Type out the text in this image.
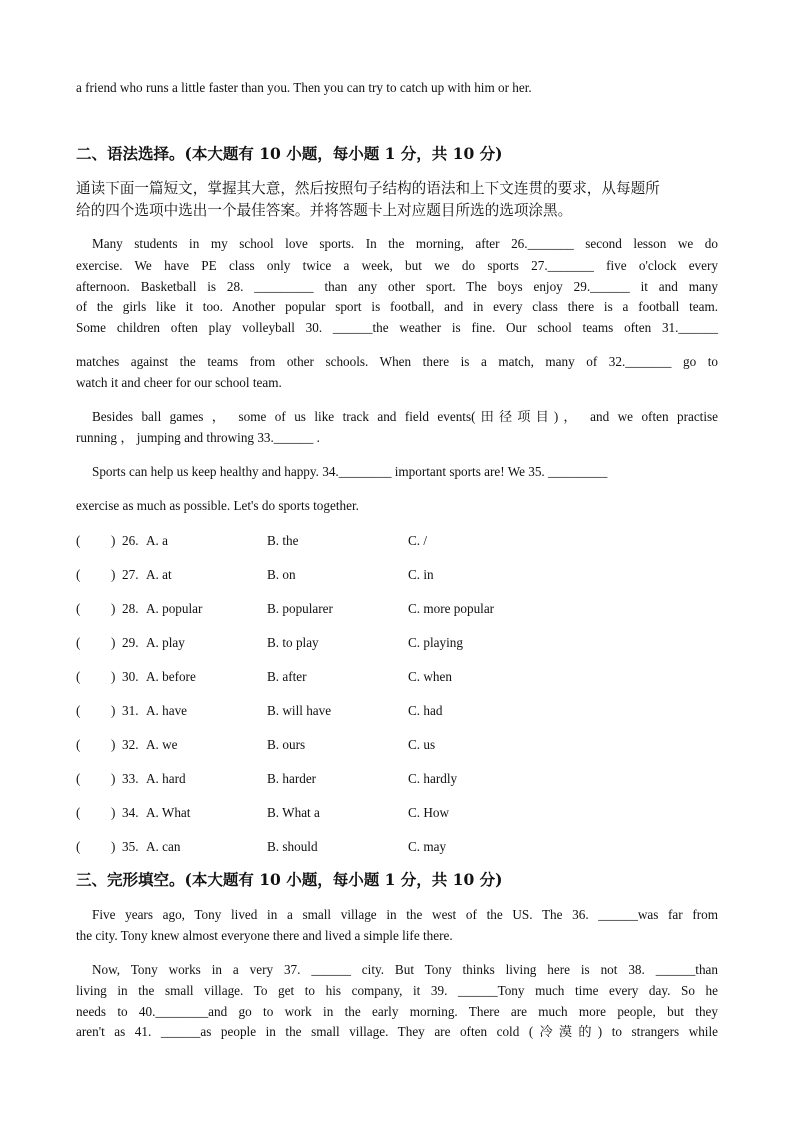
a friend who runs a little faster than you. Then you can try to catch up with him or her.
二、语法选择。(本大题有 10 小题，每小题 1 分，共 10 分)
通读下面一篇短文，掌握其大意，然后按照句子结构的语法和上下文连贯的要求，从每题所
给的四个选项中选出一个最佳答案。并将答题卡上对应题目所选的选项涂黑。
Many students in my school love sports. In the morning, after 26._______ second lesson we do
exercise. We have PE class only twice a week, but we do sports 27._______ five o'clock every
afternoon. Basketball is 28. _________ than any other sport. The boys enjoy 29.______ it and many
of the girls like it too. Another popular sport is football, and in every class there is a football team.
Some children often play volleyball 30. ______the weather is fine. Our school teams often 31.______
matches against the teams from other schools. When there is a match, many of 32._______ go to
watch it and cheer for our school team.
Besides ball games ， some of us like track and field events(田径项目)， and we often practise
running ， jumping and throwing 33.______ .
Sports can help us keep healthy and happy. 34.________ important sports are! We 35. _________
exercise as much as possible. Let's do sports together.
( ) 26. A. a	B. the	C. /
( ) 27. A. at	B. on	C. in
( ) 28. A. popular	B. popularer	C. more popular
( ) 29. A. play	B. to play	C. playing
( ) 30. A. before	B. after	C. when
( ) 31. A. have	B. will have	C. had
( ) 32. A. we	B. ours	C. us
( ) 33. A. hard	B. harder	C. hardly
( ) 34. A. What	B. What a	C. How
( ) 35. A. can	B. should	C. may
三、完形填空。(本大题有 10 小题，每小题 1 分，共 10 分)
Five years ago, Tony lived in a small village in the west of the US. The 36. ______was far from
the city. Tony knew almost everyone there and lived a simple life there.
Now, Tony works in a very 37. ______ city. But Tony thinks living here is not 38. ______than
living in the small village. To get to his company, it 39. ______Tony much time every day. So he
needs to 40.________and go to work in the early morning. There are much more people, but they
aren't as 41. ______as people in the small village. They are often cold (冷漠的) to strangers while
